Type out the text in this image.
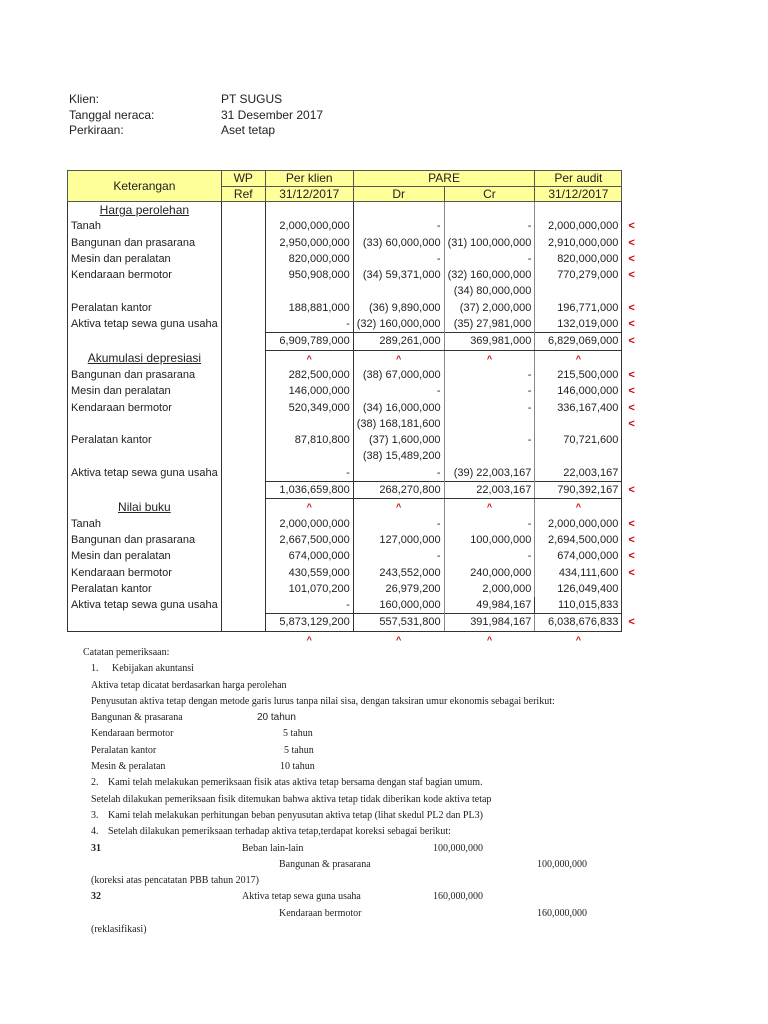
Klien:	PT SUGUS
Tanggal neraca:	31 Desember 2017
Perkiraan:	Aset tetap
Keterangan	WP	Per klien	PARE		Per audit	
	Ref	31/12/2017	Dr	Cr	31/12/2017	
Harga perolehan						
Tanah		2,000,000,000	-	-	2,000,000,000	<
Bangunan dan prasarana		2,950,000,000	(33) 60,000,000	(31) 100,000,000	2,910,000,000	<
Mesin dan peralatan		820,000,000	-	-	820,000,000	<
Kendaraan bermotor		950,908,000	(34) 59,371,000	(32) 160,000,000	770,279,000	<
				(34) 80,000,000		
Peralatan kantor		188,881,000	(36) 9,890,000	(37) 2,000,000	196,771,000	<
Aktiva tetap sewa guna usaha		-	(32) 160,000,000	(35) 27,981,000	132,019,000	<
		6,909,789,000	289,261,000	369,981,000	6,829,069,000	<
Akumulasi depresiasi		^	^	^	^	
Bangunan dan prasarana		282,500,000	(38) 67,000,000	-	215,500,000	<
Mesin dan peralatan		146,000,000	-	-	146,000,000	<
Kendaraan bermotor		520,349,000	(34) 16,000,000	-	336,167,400	<
			(38) 168,181,600			<
Peralatan kantor		87,810,800	(37) 1,600,000	-	70,721,600	
			(38) 15,489,200			
Aktiva tetap sewa guna usaha		-	-	(39) 22,003,167	22,003,167	
		1,036,659,800	268,270,800	22,003,167	790,392,167	<
Nilai buku		^	^	^	^	
Tanah		2,000,000,000	-	-	2,000,000,000	<
Bangunan dan prasarana		2,667,500,000	127,000,000	100,000,000	2,694,500,000	<
Mesin dan peralatan		674,000,000	-	-	674,000,000	<
Kendaraan bermotor		430,559,000	243,552,000	240,000,000	434,111,600	<
Peralatan kantor		101,070,200	26,979,200	2,000,000	126,049,400	
Aktiva tetap sewa guna usaha		-	160,000,000	49,984,167	110,015,833	
		5,873,129,200	557,531,800	391,984,167	6,038,676,833	<
		^	^	^	^	
Catatan pemeriksaan:
1. Kebijakan akuntansi
Aktiva tetap dicatat berdasarkan harga perolehan
Penyusutan aktiva tetap dengan metode garis lurus tanpa nilai sisa, dengan taksiran umur ekonomis sebagai berikut:
Bangunan & prasarana	20 tahun
Kendaraan bermotor	5 tahun
Peralatan kantor	5 tahun
Mesin & peralatan	10 tahun
2. Kami telah melakukan pemeriksaan fisik atas aktiva tetap bersama dengan staf bagian umum.
Setelah dilakukan pemeriksaan fisik ditemukan bahwa aktiva tetap tidak diberikan kode aktiva tetap
3. Kami telah melakukan perhitungan beban penyusutan aktiva tetap (lihat skedul PL2 dan PL3)
4. Setelah dilakukan pemeriksaan terhadap aktiva tetap,terdapat koreksi sebagai berikut:
31	Beban lain-lain	100,000,000
Bangunan & prasarana	100,000,000
(koreksi atas pencatatan PBB tahun 2017)
32	Aktiva tetap sewa guna usaha	160,000,000
Kendaraan bermotor	160,000,000
(reklasifikasi)
